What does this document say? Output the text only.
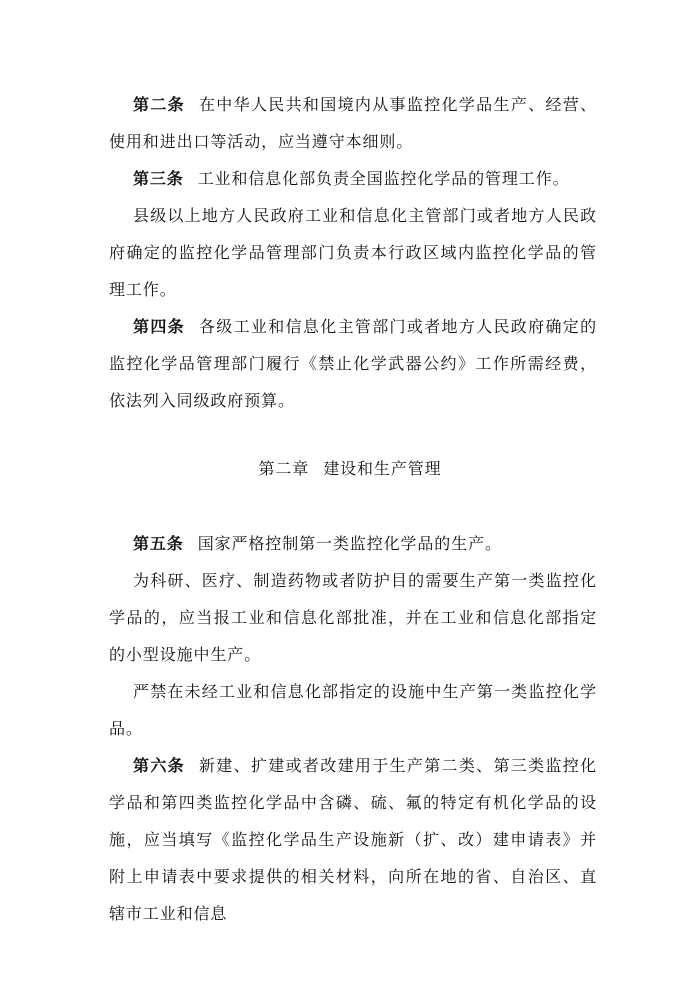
第二条 在中华人民共和国境内从事监控化学品生产、经营、使用和进出口等活动，应当遵守本细则。

第三条 工业和信息化部负责全国监控化学品的管理工作。

县级以上地方人民政府工业和信息化主管部门或者地方人民政府确定的监控化学品管理部门负责本行政区域内监控化学品的管理工作。

第四条 各级工业和信息化主管部门或者地方人民政府确定的监控化学品管理部门履行《禁止化学武器公约》工作所需经费，依法列入同级政府预算。

第二章 建设和生产管理

第五条 国家严格控制第一类监控化学品的生产。

为科研、医疗、制造药物或者防护目的需要生产第一类监控化学品的，应当报工业和信息化部批准，并在工业和信息化部指定的小型设施中生产。

严禁在未经工业和信息化部指定的设施中生产第一类监控化学品。

第六条 新建、扩建或者改建用于生产第二类、第三类监控化学品和第四类监控化学品中含磷、硫、氟的特定有机化学品的设施，应当填写《监控化学品生产设施新（扩、改）建申请表》并附上申请表中要求提供的相关材料，向所在地的省、自治区、直辖市工业和信息
